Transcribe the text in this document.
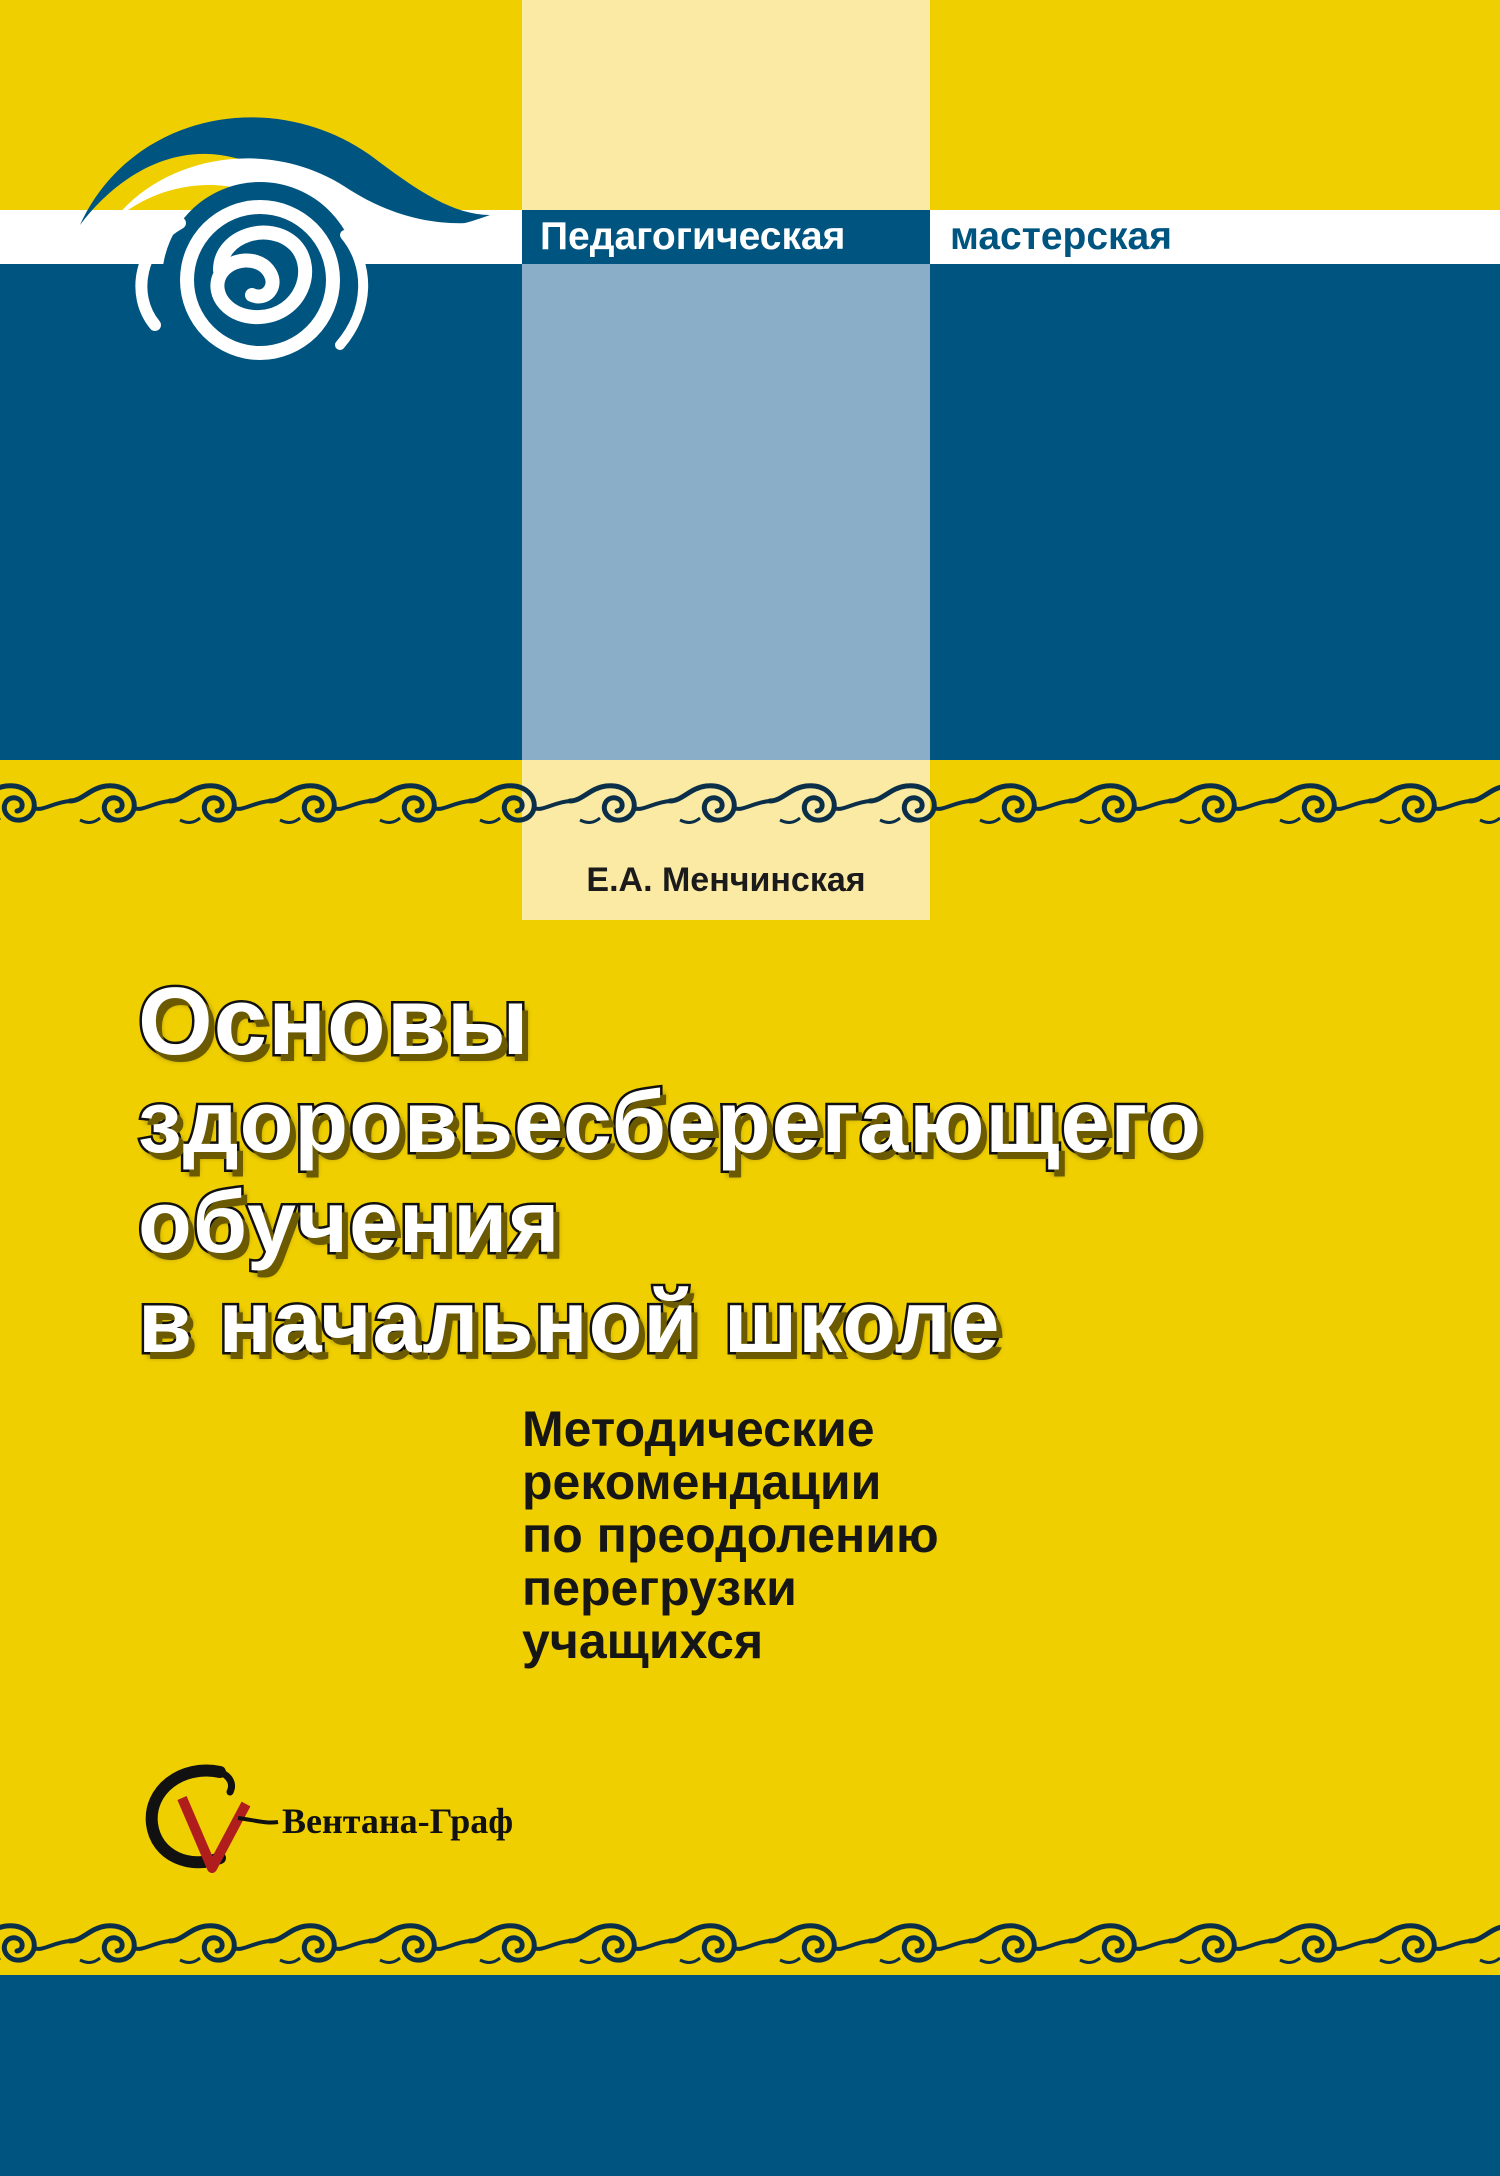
Педагогическая	мастерская
Е.А. Менчинская
Основы
здоровьесберегающего
обучения
в начальной школе
Методические
рекомендации
по преодолению
перегрузки
учащихся
Вентана-Граф
